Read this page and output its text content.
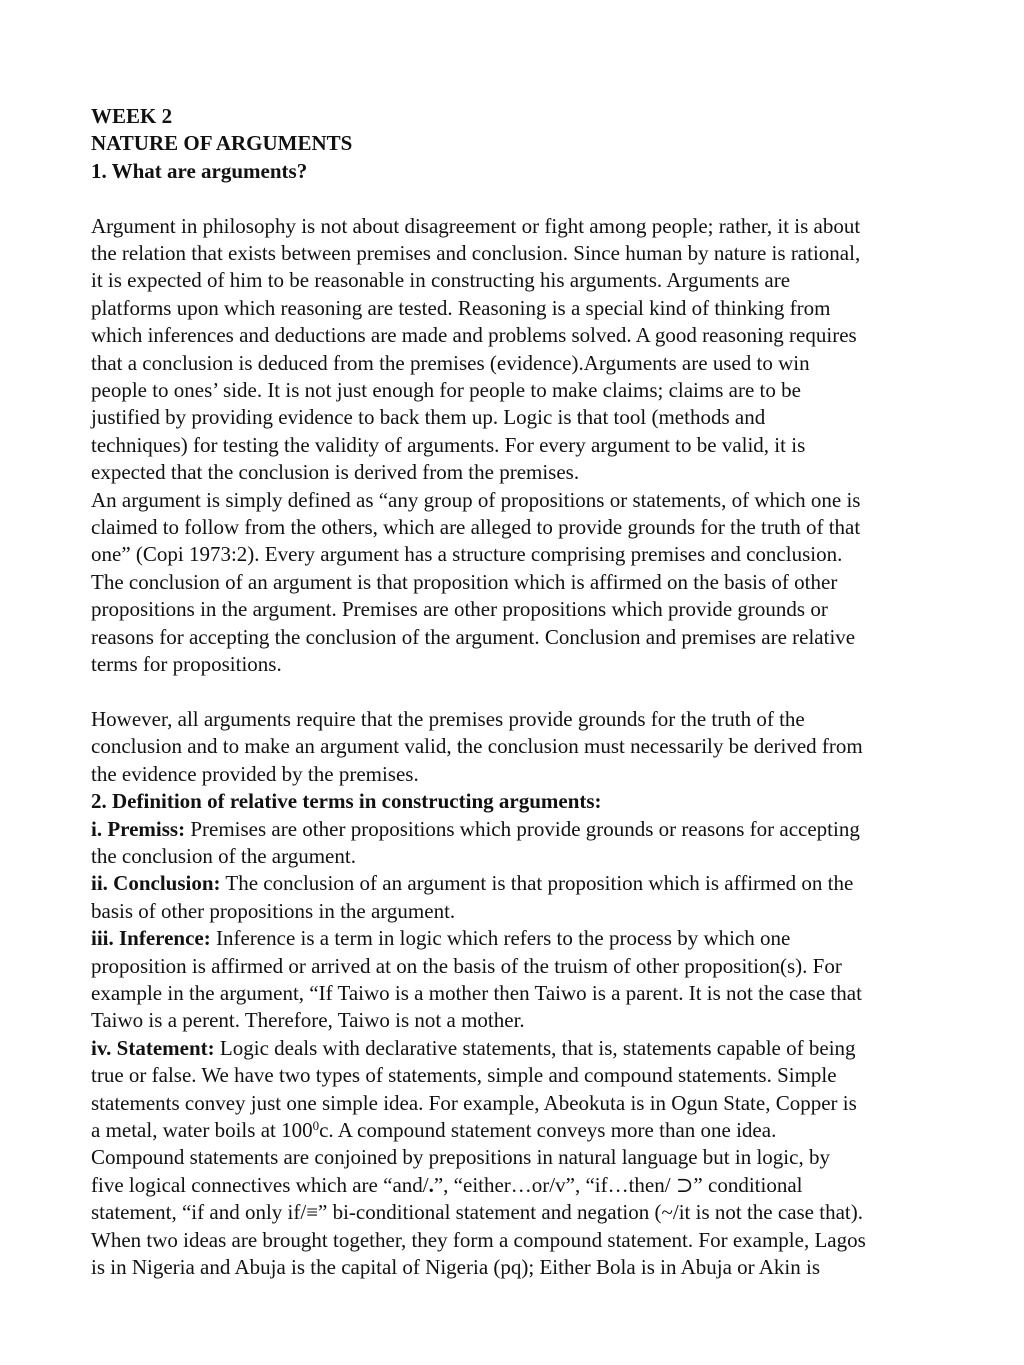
WEEK 2
NATURE OF ARGUMENTS
1. What are arguments?
Argument in philosophy is not about disagreement or fight among people; rather, it is about
the relation that exists between premises and conclusion. Since human by nature is rational,
it is expected of him to be reasonable in constructing his arguments. Arguments are
platforms upon which reasoning are tested. Reasoning is a special kind of thinking from
which inferences and deductions are made and problems solved. A good reasoning requires
that a conclusion is deduced from the premises (evidence).Arguments are used to win
people to ones’ side. It is not just enough for people to make claims; claims are to be
justified by providing evidence to back them up. Logic is that tool (methods and
techniques) for testing the validity of arguments. For every argument to be valid, it is
expected that the conclusion is derived from the premises.
An argument is simply defined as “any group of propositions or statements, of which one is
claimed to follow from the others, which are alleged to provide grounds for the truth of that
one” (Copi 1973:2). Every argument has a structure comprising premises and conclusion.
The conclusion of an argument is that proposition which is affirmed on the basis of other
propositions in the argument. Premises are other propositions which provide grounds or
reasons for accepting the conclusion of the argument. Conclusion and premises are relative
terms for propositions.
However, all arguments require that the premises provide grounds for the truth of the
conclusion and to make an argument valid, the conclusion must necessarily be derived from
the evidence provided by the premises.
2. Definition of relative terms in constructing arguments:
i. Premiss: Premises are other propositions which provide grounds or reasons for accepting
the conclusion of the argument.
ii. Conclusion: The conclusion of an argument is that proposition which is affirmed on the
basis of other propositions in the argument.
iii. Inference: Inference is a term in logic which refers to the process by which one
proposition is affirmed or arrived at on the basis of the truism of other proposition(s). For
example in the argument, “If Taiwo is a mother then Taiwo is a parent. It is not the case that
Taiwo is a perent. Therefore, Taiwo is not a mother.
iv. Statement: Logic deals with declarative statements, that is, statements capable of being
true or false. We have two types of statements, simple and compound statements. Simple
statements convey just one simple idea. For example, Abeokuta is in Ogun State, Copper is
a metal, water boils at $100^0c$. A compound statement conveys more than one idea.
Compound statements are conjoined by prepositions in natural language but in logic, by
five logical connectives which are “and/.”, “either…or/v”, “if…then/ ⊃” conditional
statement, “if and only if/≡” bi-conditional statement and negation (~/it is not the case that).
When two ideas are brought together, they form a compound statement. For example, Lagos
is in Nigeria and Abuja is the capital of Nigeria (pq); Either Bola is in Abuja or Akin is
